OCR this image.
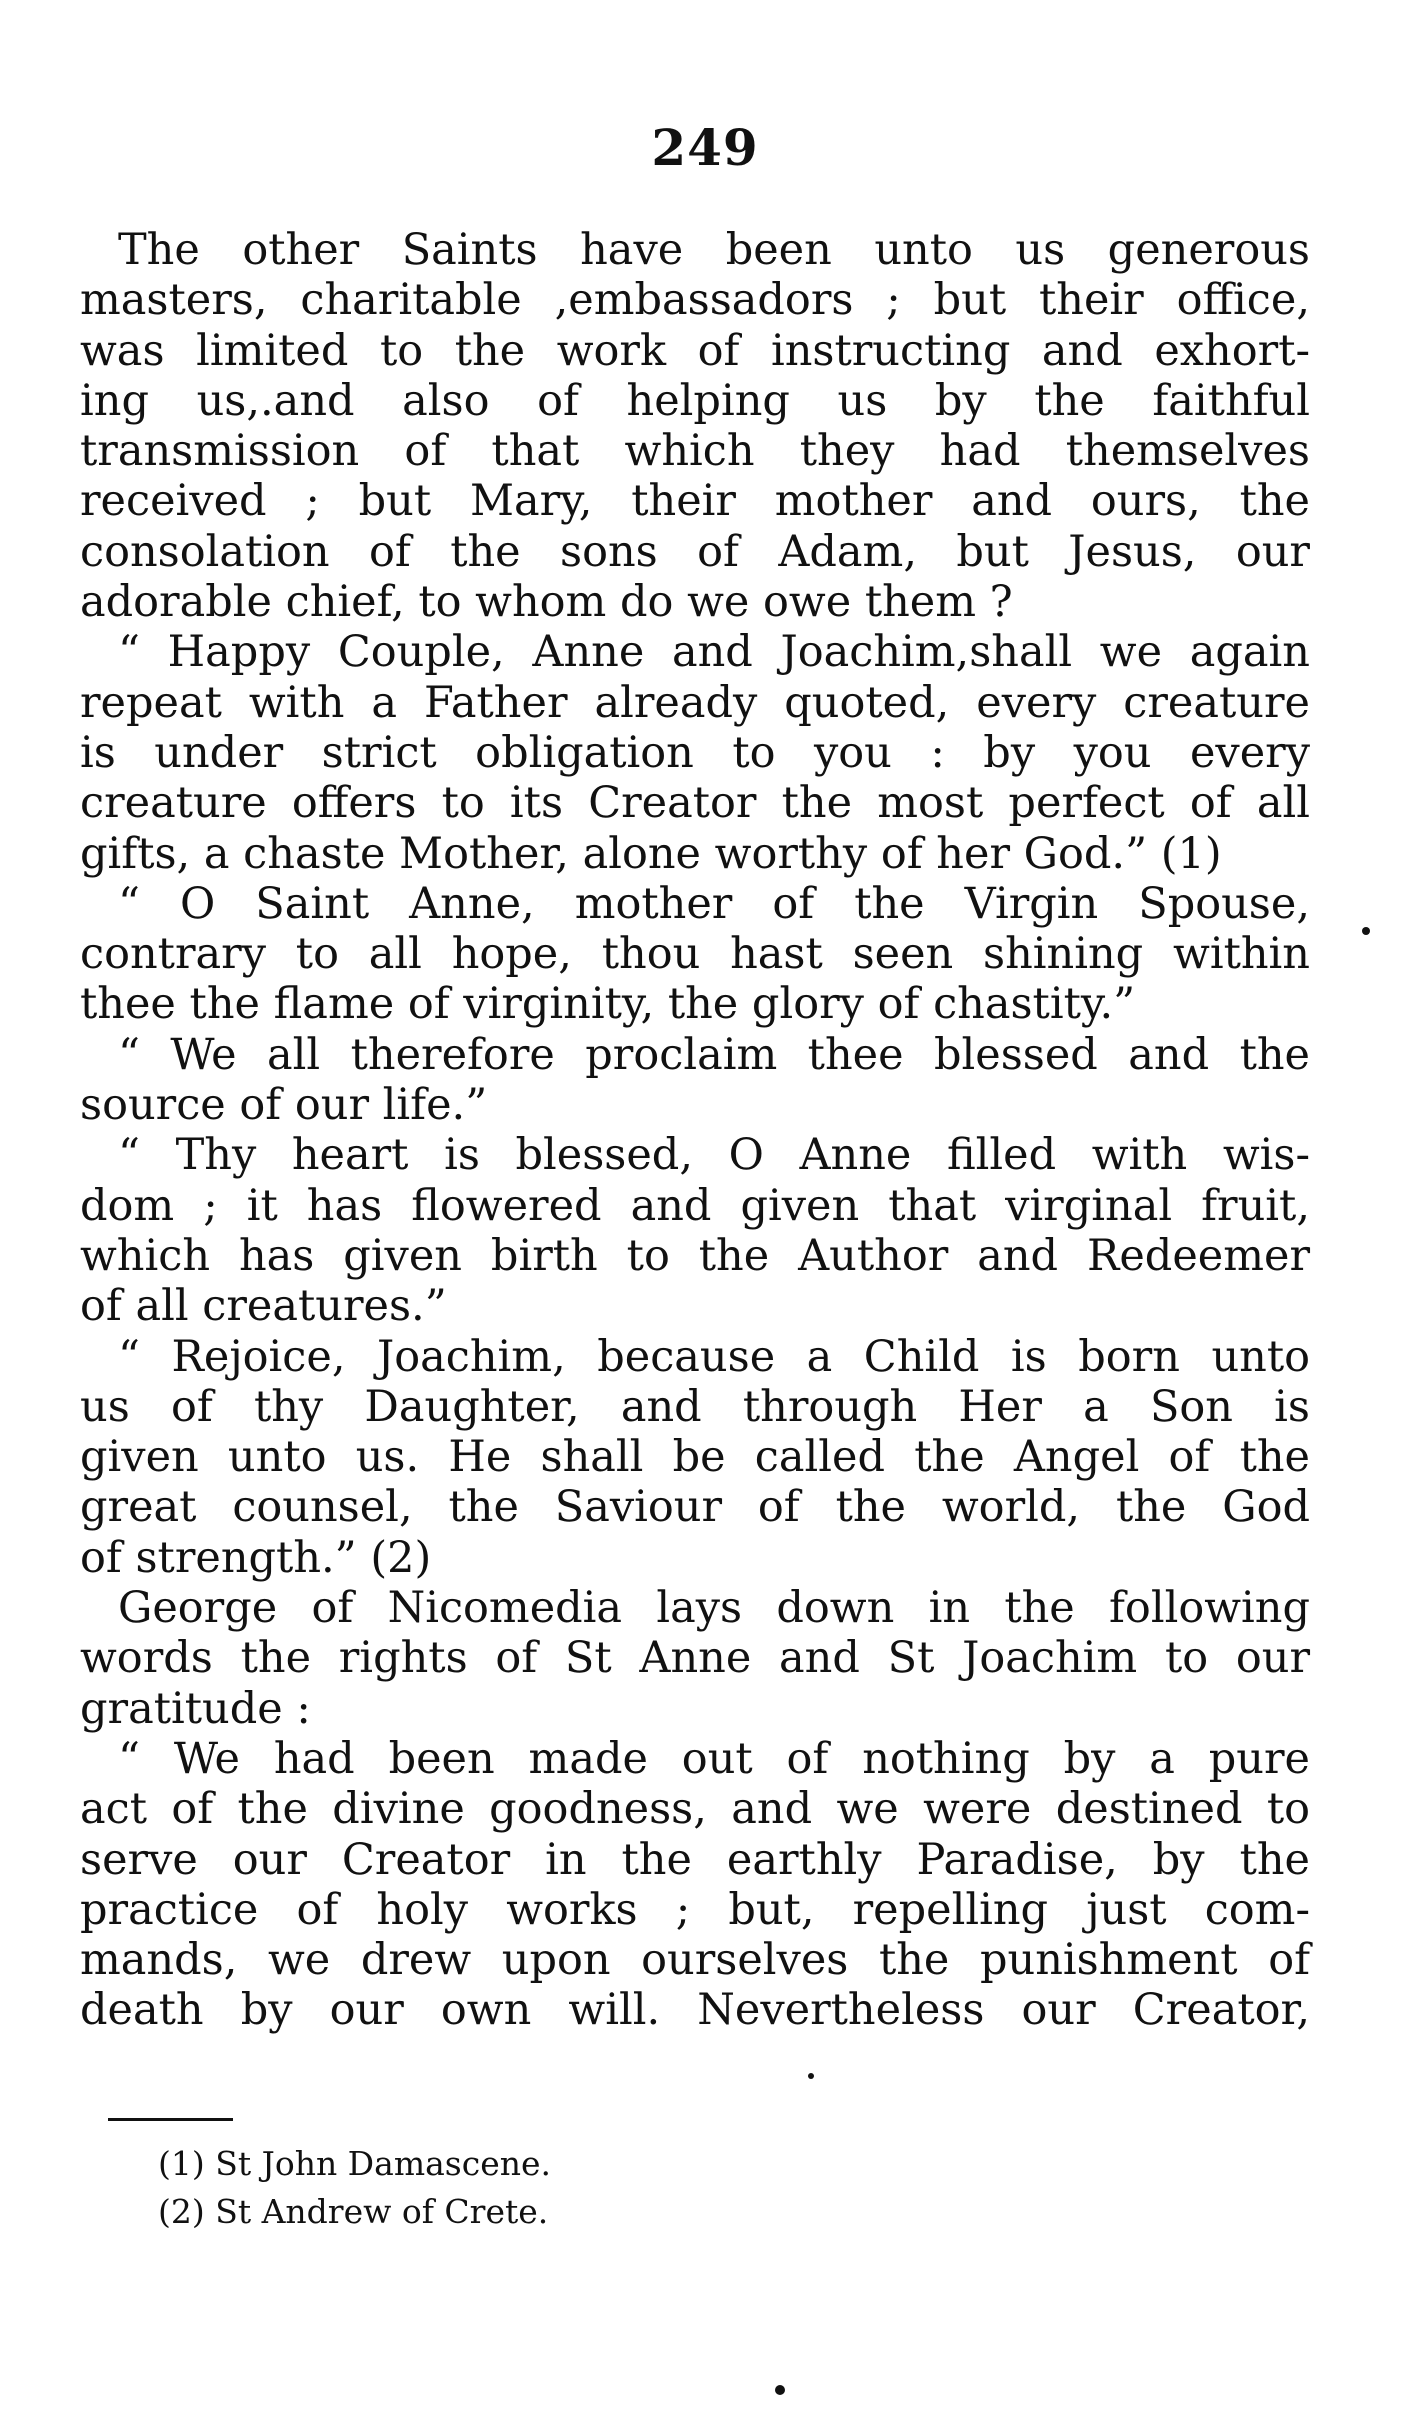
249
The other Saints have been unto us generous
masters, charitable ,embassadors ; but their office,
was limited to the work of instructing and exhort-
ing us,.and also of helping us by the faithful
transmission of that which they had themselves
received ; but Mary, their mother and ours, the
consolation of the sons of Adam, but Jesus, our
adorable chief, to whom do we owe them ?
“ Happy Couple, Anne and Joachim,shall we again
repeat with a Father already quoted, every creature
is under strict obligation to you : by you every
creature offers to its Creator the most perfect of all
gifts, a chaste Mother, alone worthy of her God.” (1)
“ O Saint Anne, mother of the Virgin Spouse,
contrary to all hope, thou hast seen shining within
thee the flame of virginity, the glory of chastity.”
“ We all therefore proclaim thee blessed and the
source of our life.”
“ Thy heart is blessed, O Anne filled with wis-
dom ; it has flowered and given that virginal fruit,
which has given birth to the Author and Redeemer
of all creatures.”
“ Rejoice, Joachim, because a Child is born unto
us of thy Daughter, and through Her a Son is
given unto us. He shall be called the Angel of the
great counsel, the Saviour of the world, the God
of strength.” (2)
George of Nicomedia lays down in the following
words the rights of St Anne and St Joachim to our
gratitude :
“ We had been made out of nothing by a pure
act of the divine goodness, and we were destined to
serve our Creator in the earthly Paradise, by the
practice of holy works ; but, repelling just com-
mands, we drew upon ourselves the punishment of
death by our own will. Nevertheless our Creator,
(1) St John Damascene.
(2) St Andrew of Crete.
